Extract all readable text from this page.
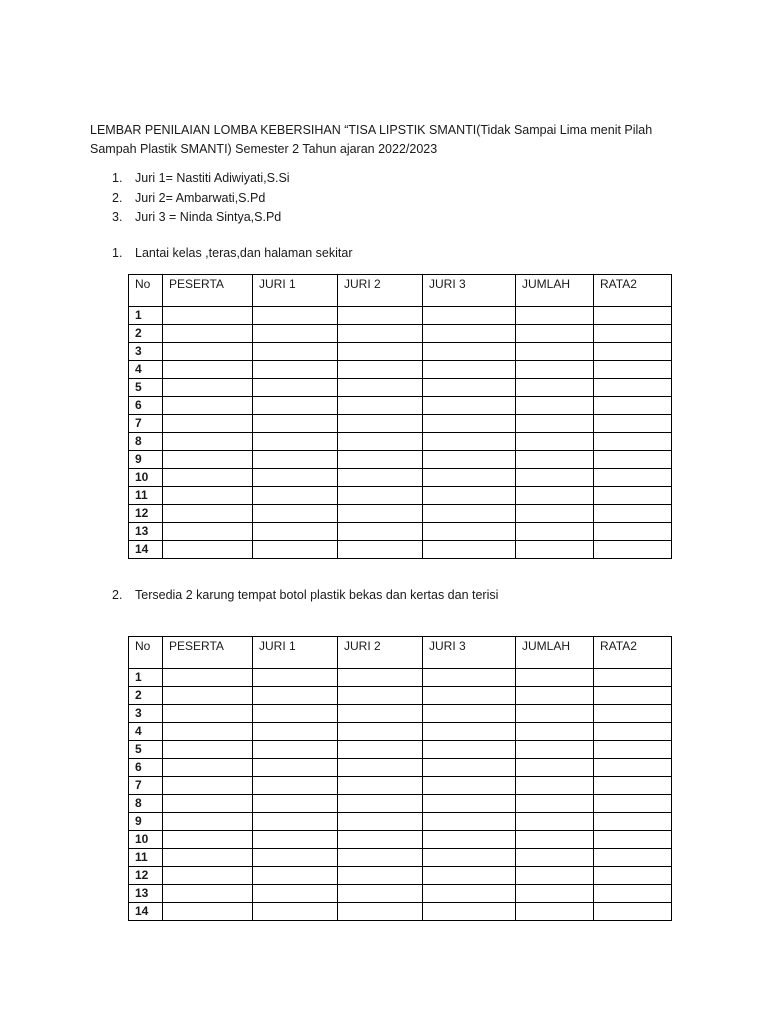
LEMBAR PENILAIAN LOMBA KEBERSIHAN “TISA LIPSTIK SMANTI(Tidak Sampai Lima menit Pilah Sampah Plastik SMANTI) Semester 2 Tahun ajaran 2022/2023
1.	Juri 1= Nastiti Adiwiyati,S.Si
2.	Juri 2= Ambarwati,S.Pd
3.	Juri 3 = Ninda Sintya,S.Pd
1.	Lantai kelas ,teras,dan halaman sekitar
No	PESERTA	JURI 1	JURI 2	JURI 3	JUMLAH	RATA2
1						
2						
3						
4						
5						
6						
7						
8						
9						
10						
11						
12						
13						
14						
2.	Tersedia 2 karung tempat botol plastik bekas dan kertas dan terisi
No	PESERTA	JURI 1	JURI 2	JURI 3	JUMLAH	RATA2
1						
2						
3						
4						
5						
6						
7						
8						
9						
10						
11						
12						
13						
14						
